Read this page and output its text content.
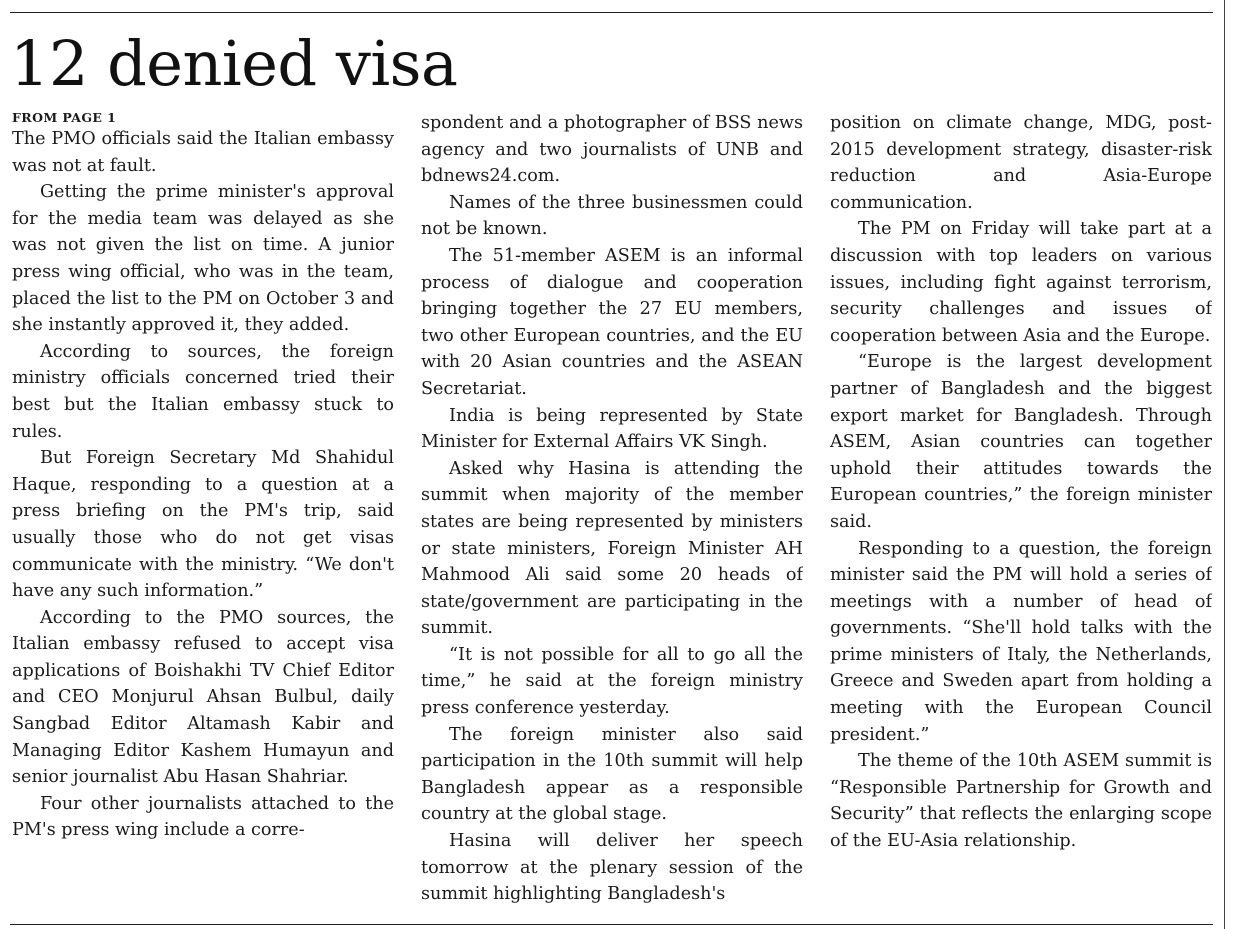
12 denied visa
FROM PAGE 1

The PMO officials said the Italian embassy was not at fault.

Getting the prime minister's approval for the media team was delayed as she was not given the list on time. A junior press wing official, who was in the team, placed the list to the PM on October 3 and she instantly approved it, they added.

According to sources, the foreign ministry officials concerned tried their best but the Italian embassy stuck to rules.

But Foreign Secretary Md Shahidul Haque, responding to a question at a press briefing on the PM's trip, said usually those who do not get visas communicate with the ministry. “We don't have any such information.”

According to the PMO sources, the Italian embassy refused to accept visa applications of Boishakhi TV Chief Editor and CEO Monjurul Ahsan Bulbul, daily Sangbad Editor Altamash Kabir and Managing Editor Kashem Humayun and senior journalist Abu Hasan Shahriar.

Four other journalists attached to the PM's press wing include a corre-

spondent and a photographer of BSS news agency and two journalists of UNB and bdnews24.com.

Names of the three businessmen could not be known.

The 51-member ASEM is an informal process of dialogue and cooperation bringing together the 27 EU members, two other European countries, and the EU with 20 Asian countries and the ASEAN Secretariat.

India is being represented by State Minister for External Affairs VK Singh.

Asked why Hasina is attending the summit when majority of the member states are being represented by ministers or state ministers, Foreign Minister AH Mahmood Ali said some 20 heads of state/government are participating in the summit.

“It is not possible for all to go all the time,” he said at the foreign ministry press conference yesterday.

The foreign minister also said participation in the 10th summit will help Bangladesh appear as a responsible country at the global stage.

Hasina will deliver her speech tomorrow at the plenary session of the summit highlighting Bangladesh's

position on climate change, MDG, post-2015 development strategy, disaster-risk reduction and Asia-Europe communication.

The PM on Friday will take part at a discussion with top leaders on various issues, including fight against terrorism, security challenges and issues of cooperation between Asia and the Europe.

“Europe is the largest development partner of Bangladesh and the biggest export market for Bangladesh. Through ASEM, Asian countries can together uphold their attitudes towards the European countries,” the foreign minister said.

Responding to a question, the foreign minister said the PM will hold a series of meetings with a number of head of governments. “She'll hold talks with the prime ministers of Italy, the Netherlands, Greece and Sweden apart from holding a meeting with the European Council president.”

The theme of the 10th ASEM summit is “Responsible Partnership for Growth and Security” that reflects the enlarging scope of the EU-Asia relationship.
